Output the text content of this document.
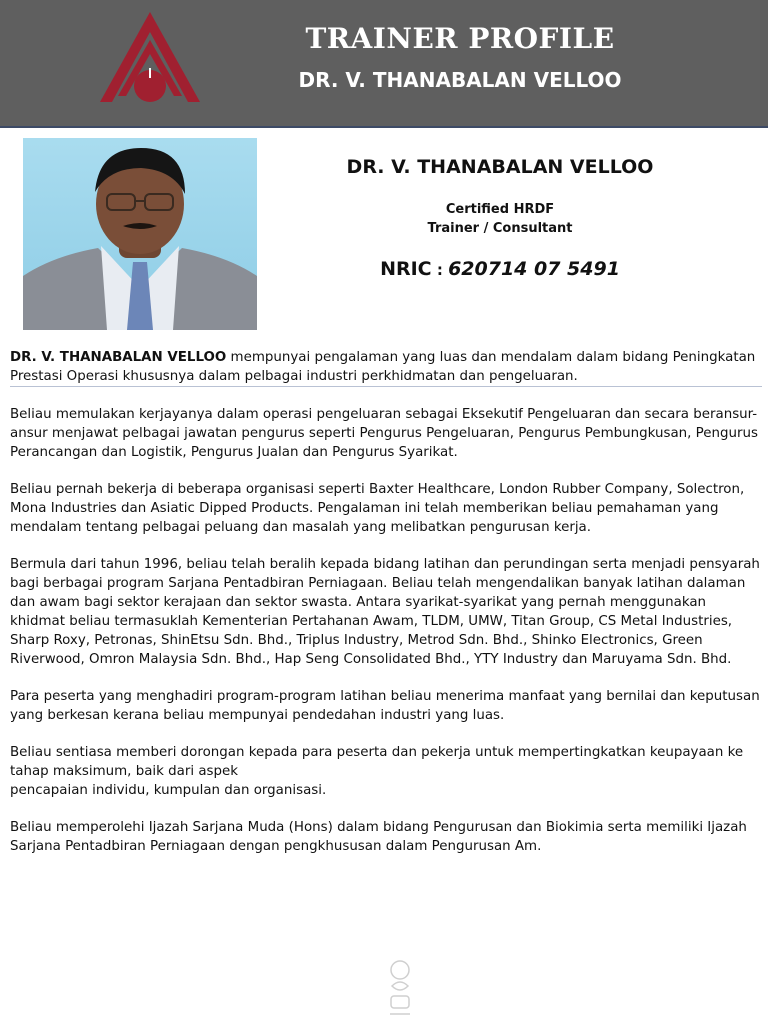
TRAINER PROFILE
DR. V. THANABALAN VELLOO
DR. V. THANABALAN VELLOO
Certified HRDF
Trainer / Consultant
NRIC : 620714 07 5491

DR. V. THANABALAN VELLOO mempunyai pengalaman yang luas dan mendalam dalam bidang Peningkatan Prestasi Operasi khususnya dalam pelbagai industri perkhidmatan dan pengeluaran.

Beliau memulakan kerjayanya dalam operasi pengeluaran sebagai Eksekutif Pengeluaran dan secara beransur-ansur menjawat pelbagai jawatan pengurus seperti Pengurus Pengeluaran, Pengurus Pembungkusan, Pengurus Perancangan dan Logistik, Pengurus Jualan dan Pengurus Syarikat.

Beliau pernah bekerja di beberapa organisasi seperti Baxter Healthcare, London Rubber Company, Solectron, Mona Industries dan Asiatic Dipped Products. Pengalaman ini telah memberikan beliau pemahaman yang mendalam tentang pelbagai peluang dan masalah yang melibatkan pengurusan kerja.

Bermula dari tahun 1996, beliau telah beralih kepada bidang latihan dan perundingan serta menjadi pensyarah bagi berbagai program Sarjana Pentadbiran Perniagaan. Beliau telah mengendalikan banyak latihan dalaman dan awam bagi sektor kerajaan dan sektor swasta. Antara syarikat-syarikat yang pernah menggunakan khidmat beliau termasuklah Kementerian Pertahanan Awam, TLDM, UMW, Titan Group, CS Metal Industries, Sharp Roxy, Petronas, ShinEtsu Sdn. Bhd., Triplus Industry, Metrod Sdn. Bhd., Shinko Electronics, Green Riverwood, Omron Malaysia Sdn. Bhd., Hap Seng Consolidated Bhd., YTY Industry dan Maruyama Sdn. Bhd.

Para peserta yang menghadiri program-program latihan beliau menerima manfaat yang bernilai dan keputusan yang berkesan kerana beliau mempunyai pendedahan industri yang luas.

Beliau sentiasa memberi dorongan kepada para peserta dan pekerja untuk mempertingkatkan keupayaan ke tahap maksimum, baik dari aspek
pencapaian individu, kumpulan dan organisasi.

Beliau memperolehi Ijazah Sarjana Muda (Hons) dalam bidang Pengurusan dan Biokimia serta memiliki Ijazah Sarjana Pentadbiran Perniagaan dengan pengkhususan dalam Pengurusan Am.
